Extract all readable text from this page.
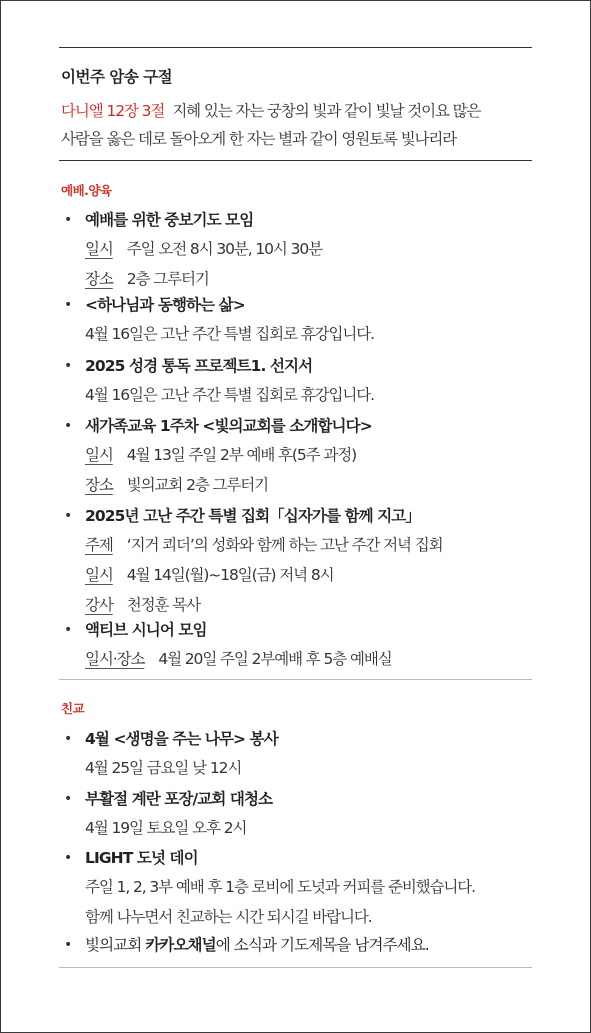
이번주 암송 구절
다니엘 12장 3절 지혜 있는 자는 궁창의 빛과 같이 빛날 것이요 많은
사람을 옳은 데로 돌아오게 한 자는 별과 같이 영원토록 빛나리라
예배.양육
• 예배를 위한 중보기도 모임
일시 주일 오전 8시 30분, 10시 30분
장소 2층 그루터기
• <하나님과 동행하는 삶>
4월 16일은 고난 주간 특별 집회로 휴강입니다.
• 2025 성경 통독 프로젝트1. 선지서
4월 16일은 고난 주간 특별 집회로 휴강입니다.
• 새가족교육 1주차 <빛의교회를 소개합니다>
일시 4월 13일 주일 2부 예배 후(5주 과정)
장소 빛의교회 2층 그루터기
• 2025년 고난 주간 특별 집회「십자가를 함께 지고」
주제 ‘지거 쾨더’의 성화와 함께 하는 고난 주간 저녁 집회
일시 4월 14일(월)~18일(금) 저녁 8시
강사 천정훈 목사
• 액티브 시니어 모임
일시·장소 4월 20일 주일 2부예배 후 5층 예배실
친교
• 4월 <생명을 주는 나무> 봉사
4월 25일 금요일 낮 12시
• 부활절 계란 포장/교회 대청소
4월 19일 토요일 오후 2시
• LIGHT 도넛 데이
주일 1, 2, 3부 예배 후 1층 로비에 도넛과 커피를 준비했습니다.
함께 나누면서 친교하는 시간 되시길 바랍니다.
• 빛의교회 카카오채널에 소식과 기도제목을 남겨주세요.
